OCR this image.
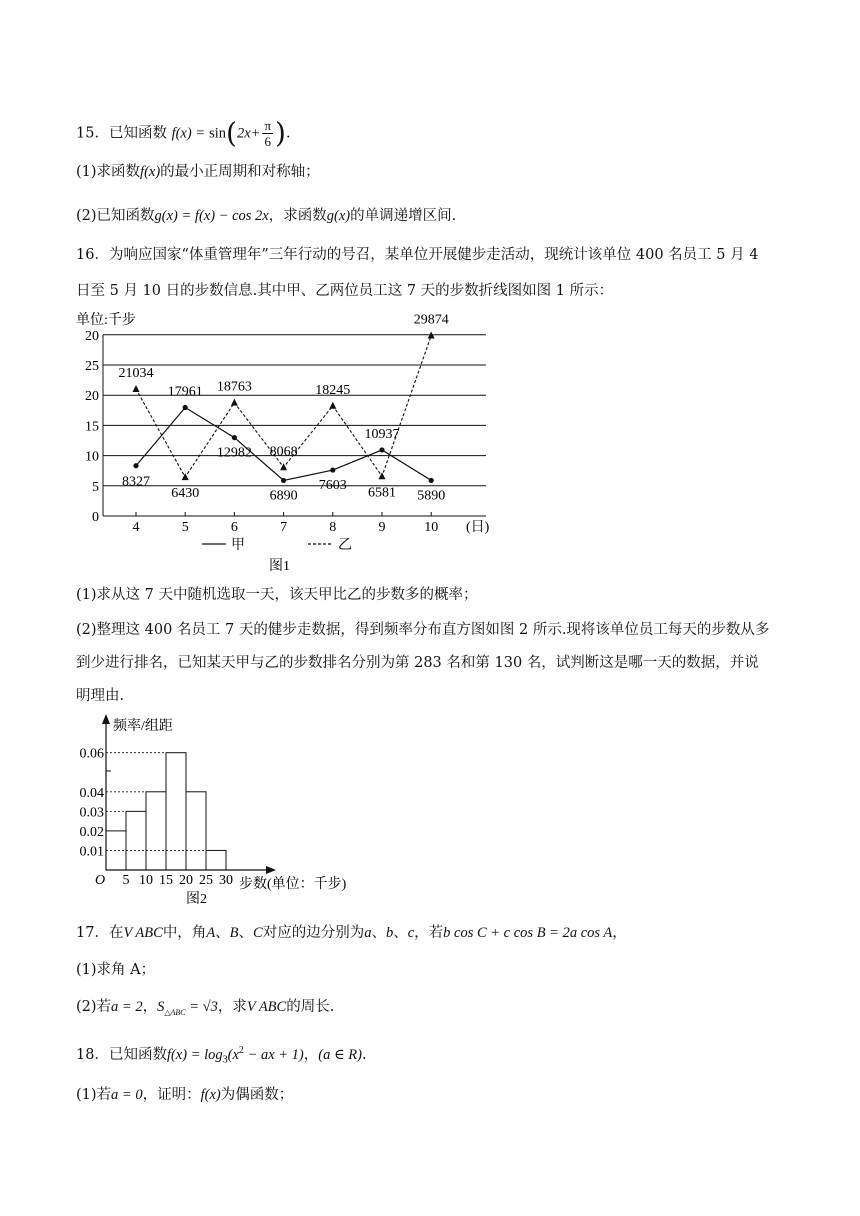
15．已知函数 $f(x) = \sin(2x+ \frac{\pi}{6}$ )．
(1)求函数f(x)的最小正周期和对称轴；
(2)已知函数g(x) = f(x) − cos 2x，求函数g(x)的单调递增区间.
16．为响应国家“体重管理年”三年行动的号召，某单位开展健步走活动，现统计该单位 400 名员工 5 月 4
日至 5 月 10 日的步数信息.其中甲、乙两位员工这 7 天的步数折线图如图 1 所示：
单位:千步
0
5
10
15
20
25
20
4	5	6	7	8	9	10
8327
17961
12982
6890
7603
10937
5890
21034
6430
18763
8068
18245
6581
29874
(日)
甲	乙
图1
(1)求从这 7 天中随机选取一天，该天甲比乙的步数多的概率；
(2)整理这 400 名员工 7 天的健步走数据，得到频率分布直方图如图 2 所示.现将该单位员工每天的步数从多
到少进行排名，已知某天甲与乙的步数排名分别为第 283 名和第 130 名，试判断这是哪一天的数据，并说
明理由.
频率/组距
O	步数(单位：千步)
图2
0.01
0.02
0.03
0.04
0.06
5 10 15 20 25 30
17．在V ABC中，角A、B、C对应的边分别为a、b、c，若b cos C + c cos B = 2a cos A，
(1)求角 A；
(2)若a = 2，$S_{\triangle ABC} = √3$，求V ABC的周长.
18．已知函数$f(x) = \log_3(x^2$ − ax + 1)，(a ∈ R).
(1)若a = 0，证明：f(x)为偶函数；
